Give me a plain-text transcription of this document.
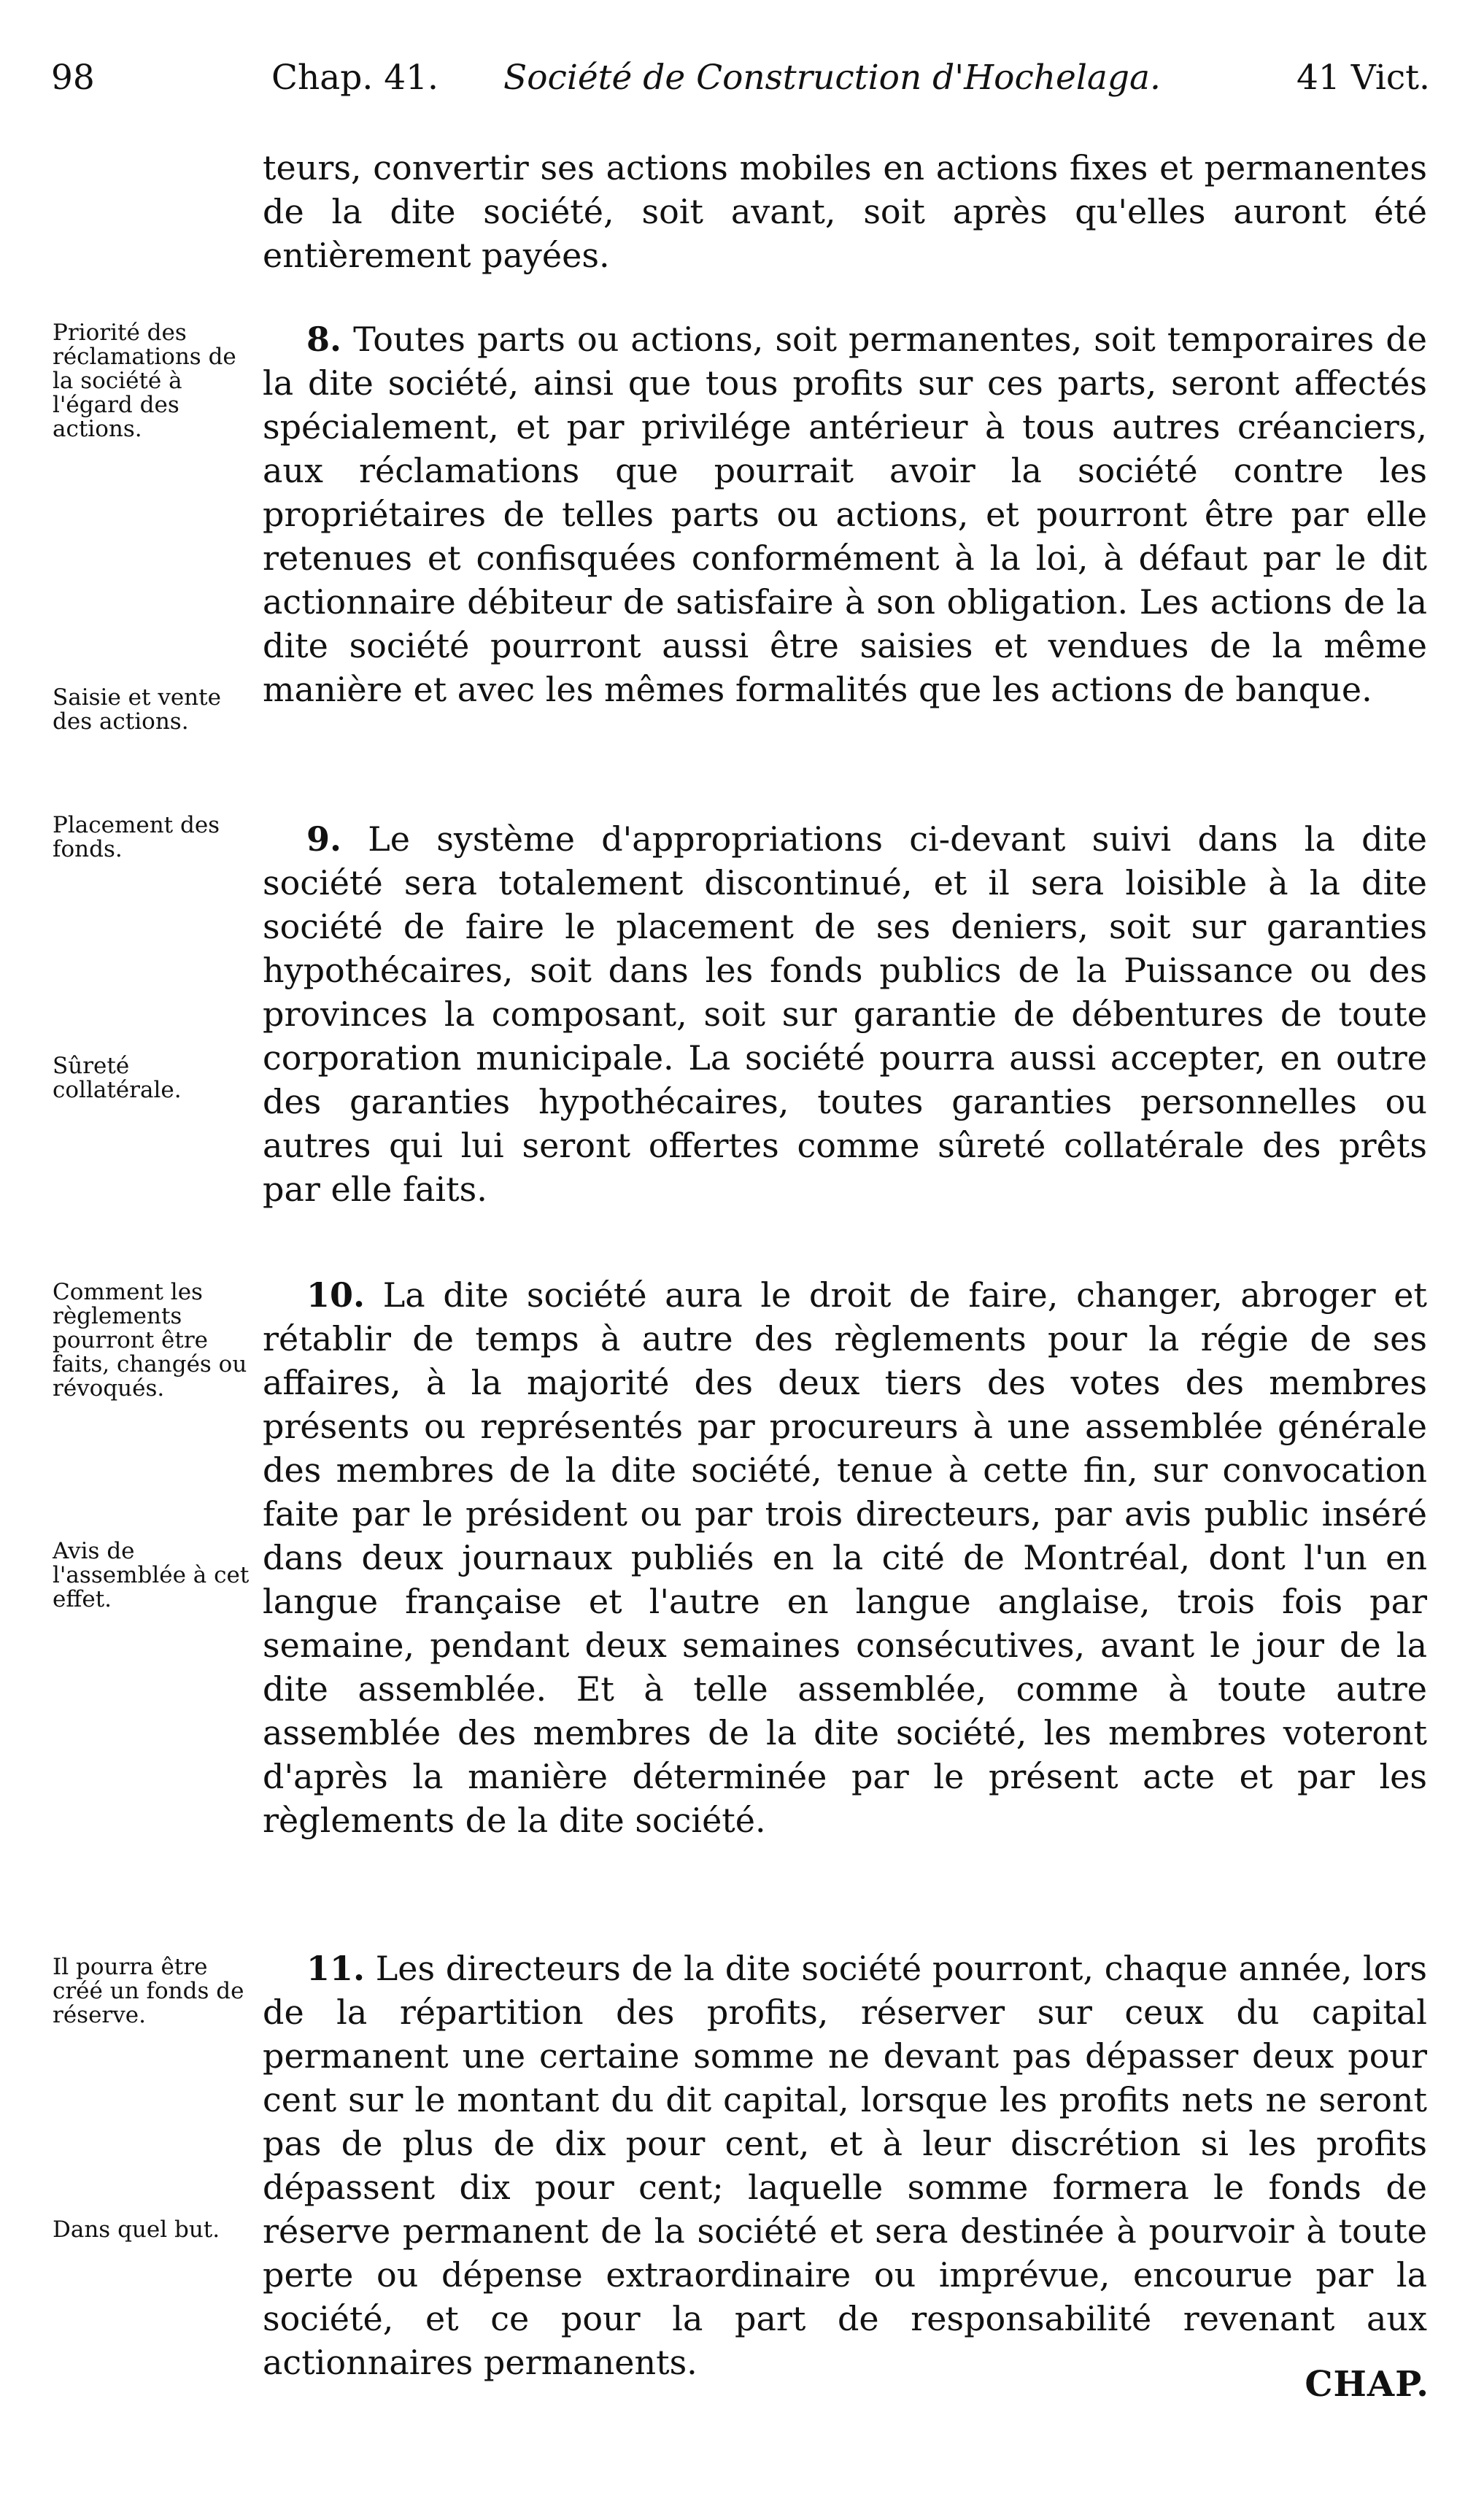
98	Chap. 41. Société de Construction d'Hochelaga.	41 Vict.

teurs, convertir ses actions mobiles en actions fixes et permanentes de la dite société, soit avant, soit après qu'elles auront été entièrement payées.

8. Toutes parts ou actions, soit permanentes, soit temporaires de la dite société, ainsi que tous profits sur ces parts, seront affectés spécialement, et par privilége antérieur à tous autres créanciers, aux réclamations que pourrait avoir la société contre les propriétaires de telles parts ou actions, et pourront être par elle retenues et confisquées conformément à la loi, à défaut par le dit actionnaire débiteur de satisfaire à son obligation. Les actions de la dite société pourront aussi être saisies et vendues de la même manière et avec les mêmes formalités que les actions de banque.

9. Le système d'appropriations ci-devant suivi dans la dite société sera totalement discontinué, et il sera loisible à la dite société de faire le placement de ses deniers, soit sur garanties hypothécaires, soit dans les fonds publics de la Puissance ou des provinces la composant, soit sur garantie de débentures de toute corporation municipale. La société pourra aussi accepter, en outre des garanties hypothécaires, toutes garanties personnelles ou autres qui lui seront offertes comme sûreté collatérale des prêts par elle faits.

10. La dite société aura le droit de faire, changer, abroger et rétablir de temps à autre des règlements pour la régie de ses affaires, à la majorité des deux tiers des votes des membres présents ou représentés par procureurs à une assemblée générale des membres de la dite société, tenue à cette fin, sur convocation faite par le président ou par trois directeurs, par avis public inséré dans deux journaux publiés en la cité de Montréal, dont l'un en langue française et l'autre en langue anglaise, trois fois par semaine, pendant deux semaines consécutives, avant le jour de la dite assemblée. Et à telle assemblée, comme à toute autre assemblée des membres de la dite société, les membres voteront d'après la manière déterminée par le présent acte et par les règlements de la dite société.

11. Les directeurs de la dite société pourront, chaque année, lors de la répartition des profits, réserver sur ceux du capital permanent une certaine somme ne devant pas dépasser deux pour cent sur le montant du dit capital, lorsque les profits nets ne seront pas de plus de dix pour cent, et à leur discrétion si les profits dépassent dix pour cent; laquelle somme formera le fonds de réserve permanent de la société et sera destinée à pourvoir à toute perte ou dépense extraordinaire ou imprévue, encourue par la société, et ce pour la part de responsabilité revenant aux actionnaires permanents.

Priorité des réclamations de la société à l'égard des actions.
Saisie et vente des actions.
Placement des fonds.
Sûreté collatérale.
Comment les règlements pourront être faits, changés ou révoqués.
Avis de l'assemblée à cet effet.
Il pourra être créé un fonds de réserve.
Dans quel but.
CHAP.
